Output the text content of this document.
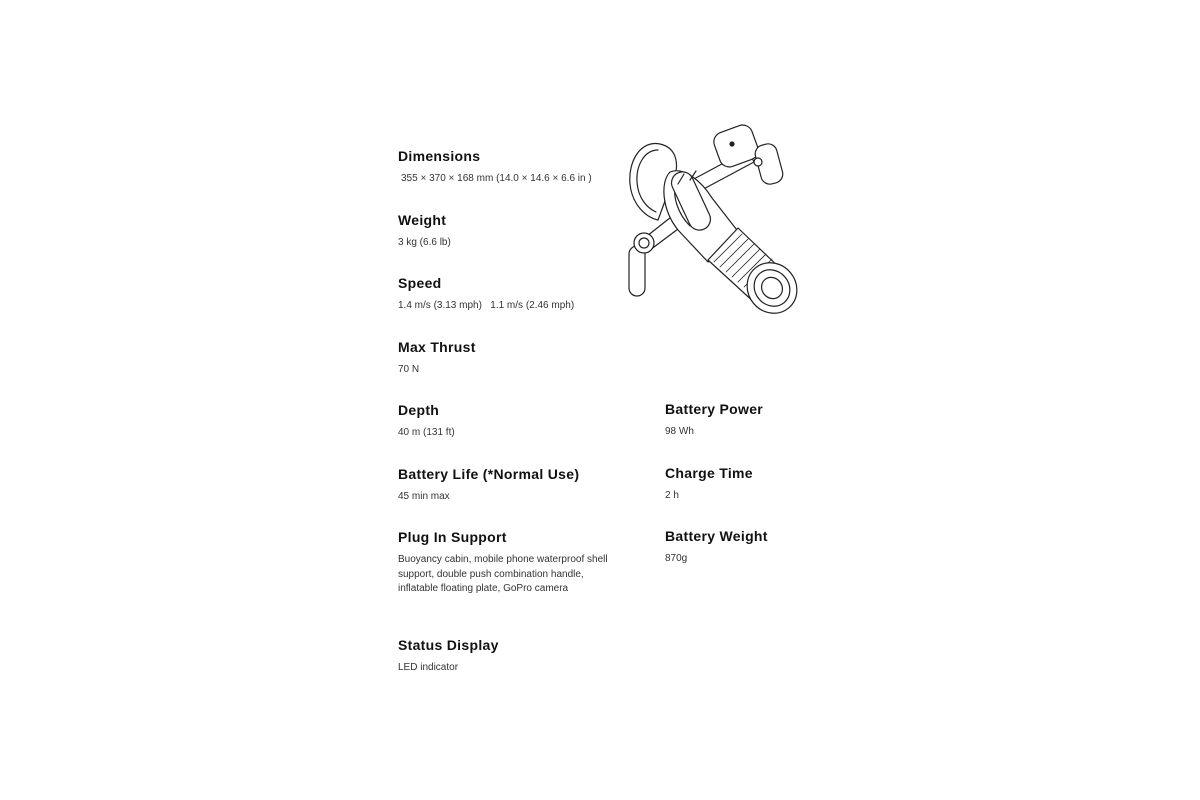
Dimensions

355 × 370 × 168 mm (14.0 × 14.6 × 6.6 in )

Weight

3 kg (6.6 lb)

Speed

1.4 m/s (3.13 mph)   1.1 m/s (2.46 mph)

Max Thrust

70 N

Depth

40 m (131 ft)

Battery Life (*Normal Use)

45 min max

Plug In Support

Buoyancy cabin, mobile phone waterproof shell support, double push combination handle, inflatable floating plate, GoPro camera

Status Display

LED indicator

Battery Power

98 Wh

Charge Time

2 h

Battery Weight

870g
